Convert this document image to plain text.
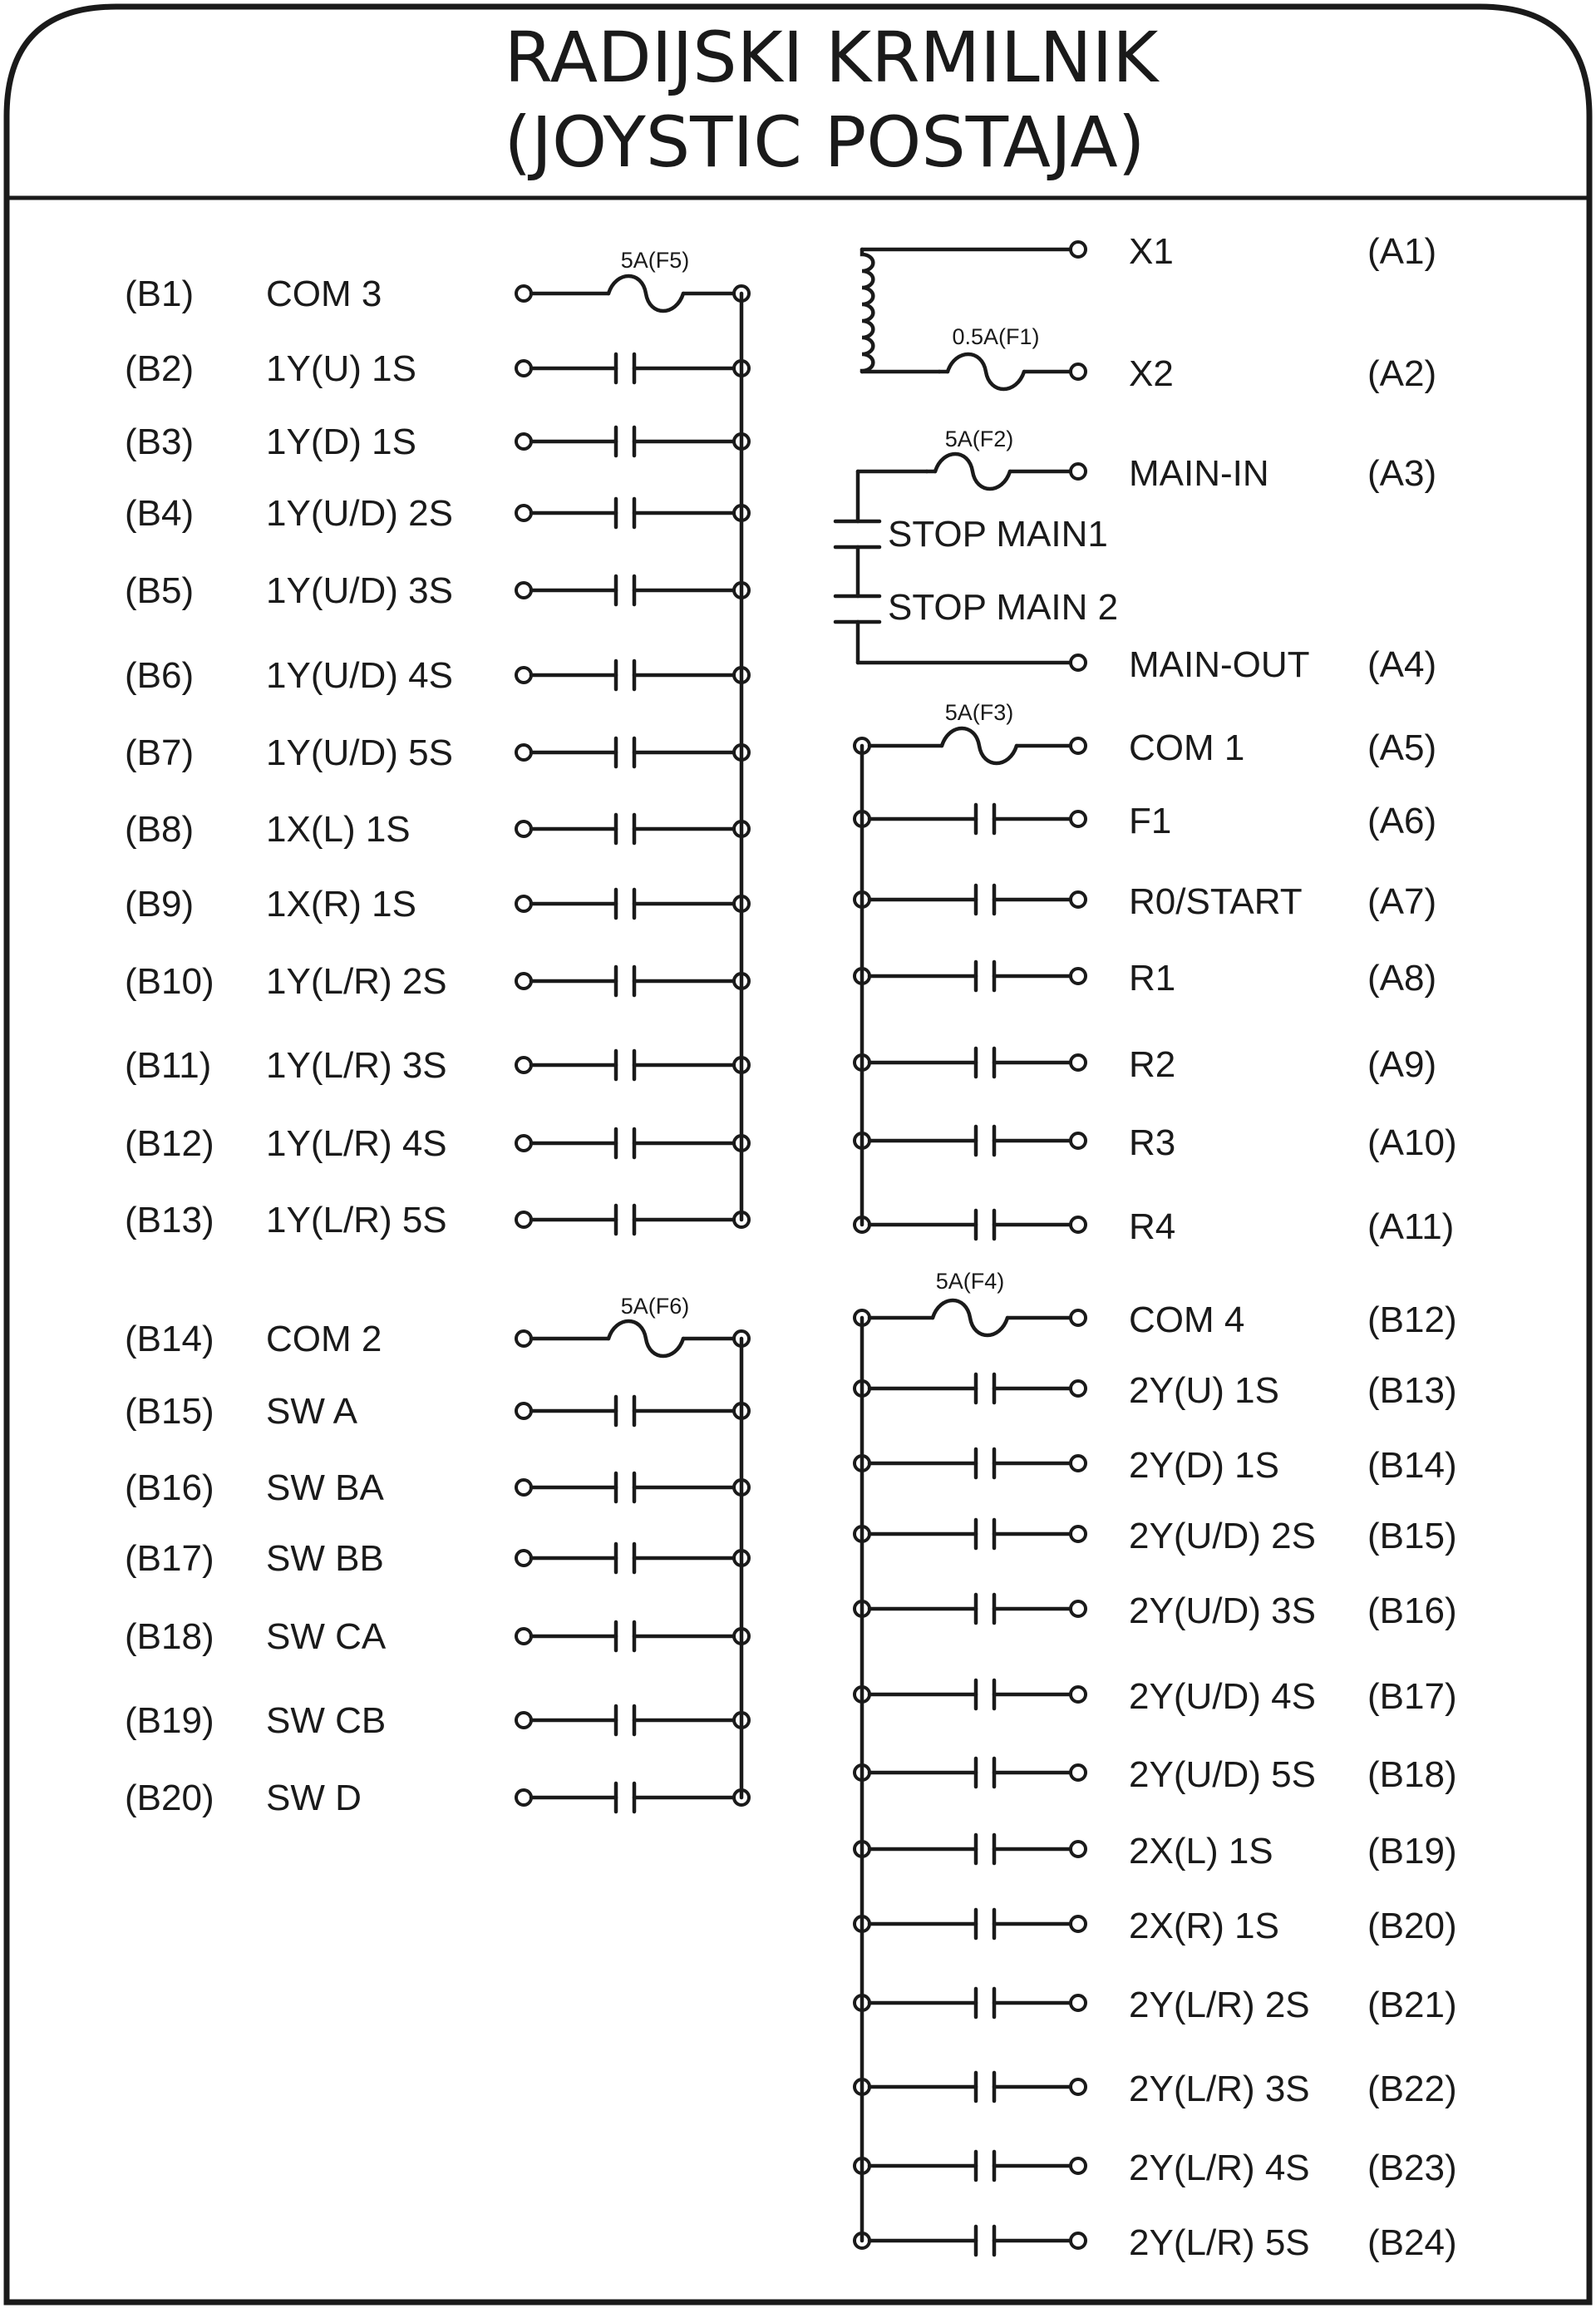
RADIJSKI KRMILNIK
(JOYSTIC POSTAJA)
(B1) COM 3
5A(F5)
(B2) 1Y(U) 1S
(B3) 1Y(D) 1S
(B4) 1Y(U/D) 2S
(B5) 1Y(U/D) 3S
(B6) 1Y(U/D) 4S
(B7) 1Y(U/D) 5S
(B8) 1X(L) 1S
(B9) 1X(R) 1S
(B10) 1Y(L/R) 2S
(B11) 1Y(L/R) 3S
(B12) 1Y(L/R) 4S
(B13) 1Y(L/R) 5S
(B14) COM 2
5A(F6)
(B15) SW A
(B16) SW BA
(B17) SW BB
(B18) SW CA
(B19) SW CB
(B20) SW D
X1	(A1)
0.5A(F1)
X2	(A2)
5A(F2)
MAIN-IN	(A3)
STOP MAIN1
STOP MAIN 2
MAIN-OUT (A4)
5A(F3)
COM 1	(A5)
F1	(A6)
R0/START (A7)
R1	(A8)
R2	(A9)
R3	(A10)
R4	(A11)
5A(F4)
COM 4	(B12)
2Y(U) 1S (B13)
2Y(D) 1S (B14)
2Y(U/D) 2S (B15)
2Y(U/D) 3S (B16)
2Y(U/D) 4S (B17)
2Y(U/D) 5S (B18)
2X(L) 1S	(B19)
2X(R) 1S (B20)
2Y(L/R) 2S (B21)
2Y(L/R) 3S (B22)
2Y(L/R) 4S (B23)
2Y(L/R) 5S (B24)
